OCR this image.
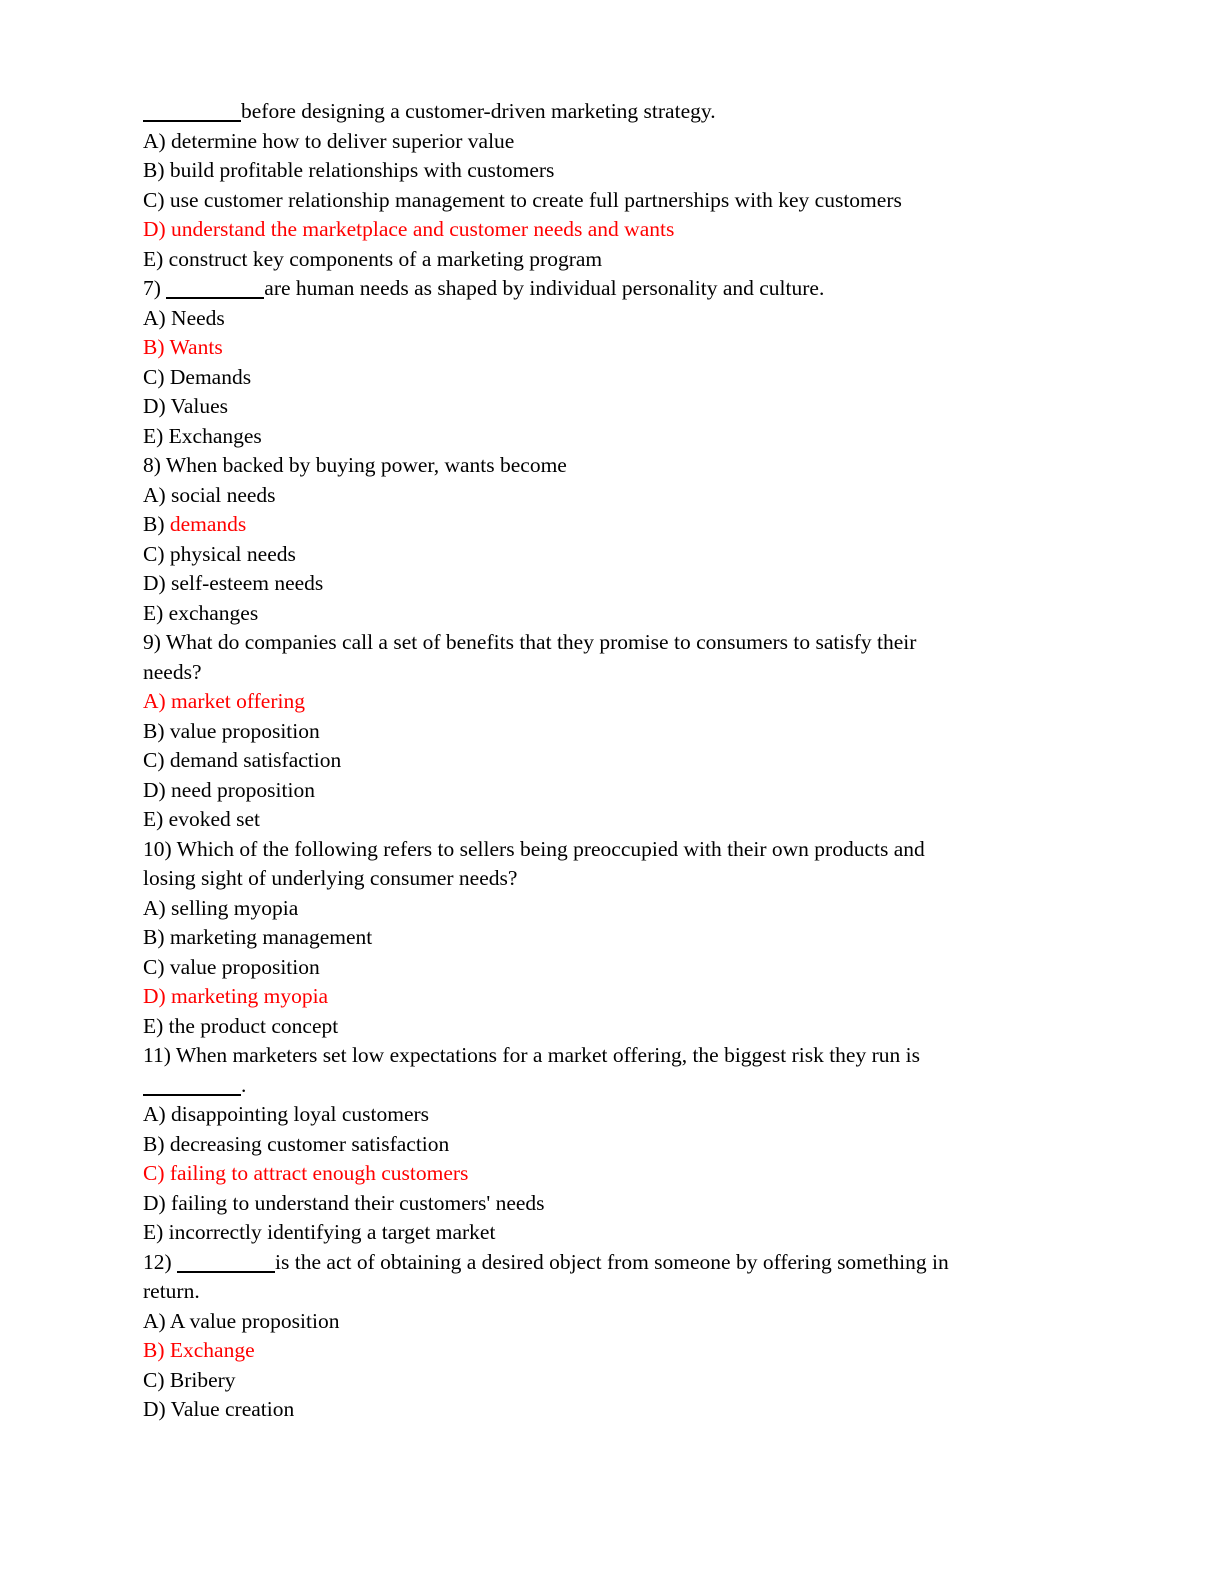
before designing a customer-driven marketing strategy.
A) determine how to deliver superior value
B) build profitable relationships with customers
C) use customer relationship management to create full partnerships with key customers
D) understand the marketplace and customer needs and wants
E) construct key components of a marketing program
7)	are human needs as shaped by individual personality and culture.
A) Needs
B) Wants
C) Demands
D) Values
E) Exchanges
8) When backed by buying power, wants become
A) social needs
B) demands
C) physical needs
D) self-esteem needs
E) exchanges
9) What do companies call a set of benefits that they promise to consumers to satisfy their
needs?
A) market offering
B) value proposition
C) demand satisfaction
D) need proposition
E) evoked set
10) Which of the following refers to sellers being preoccupied with their own products and
losing sight of underlying consumer needs?
A) selling myopia
B) marketing management
C) value proposition
D) marketing myopia
E) the product concept
11) When marketers set low expectations for a market offering, the biggest risk they run is
.
A) disappointing loyal customers
B) decreasing customer satisfaction
C) failing to attract enough customers
D) failing to understand their customers' needs
E) incorrectly identifying a target market
12)	is the act of obtaining a desired object from someone by offering something in
return.
A) A value proposition
B) Exchange
C) Bribery
D) Value creation
